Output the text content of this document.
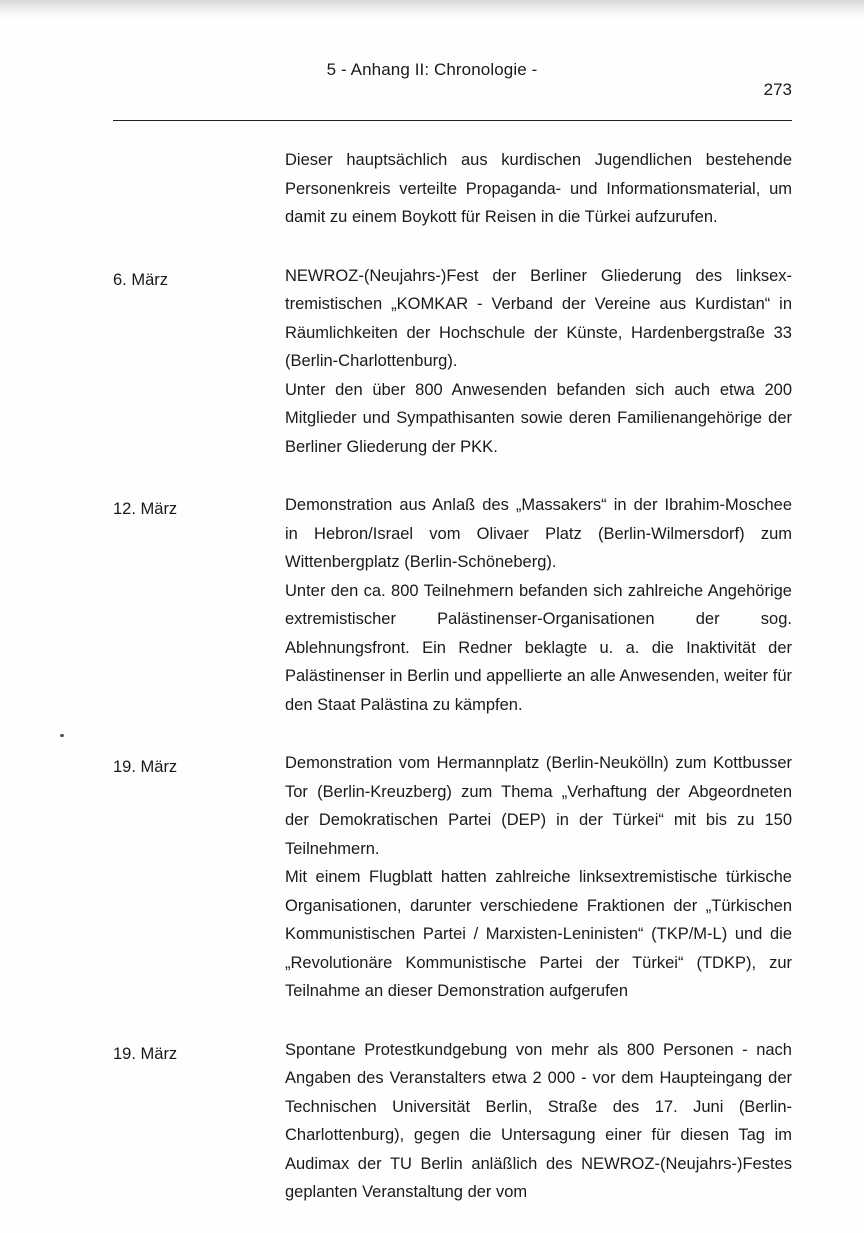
5 - Anhang II: Chronologie -
273

Dieser hauptsächlich aus kurdischen Jugendlichen bestehende Personenkreis verteilte Propaganda- und Informationsmaterial, um damit zu einem Boykott für Reisen in die Türkei aufzurufen.

6. März	NEWROZ-(Neujahrs-)Fest der Berliner Gliederung des linksextremistischen „KOMKAR - Verband der Vereine aus Kurdistan“ in Räumlichkeiten der Hochschule der Künste, Hardenbergstraße 33 (Berlin-Charlottenburg).

Unter den über 800 Anwesenden befanden sich auch etwa 200 Mitglieder und Sympathisanten sowie deren Familienangehörige der Berliner Gliederung der PKK.

12. März	Demonstration aus Anlaß des „Massakers“ in der Ibrahim-Moschee in Hebron/Israel vom Olivaer Platz (Berlin-Wilmersdorf) zum Wittenbergplatz (Berlin-Schöneberg).

Unter den ca. 800 Teilnehmern befanden sich zahlreiche Angehörige extremistischer Palästinenser-Organisationen der sog. Ablehnungsfront. Ein Redner beklagte u. a. die Inaktivität der Palästinenser in Berlin und appellierte an alle Anwesenden, weiter für den Staat Palästina zu kämpfen.

19. März	Demonstration vom Hermannplatz (Berlin-Neukölln) zum Kottbusser Tor (Berlin-Kreuzberg) zum Thema „Verhaftung der Abgeordneten der Demokratischen Partei (DEP) in der Türkei“ mit bis zu 150 Teilnehmern.

Mit einem Flugblatt hatten zahlreiche linksextremistische türkische Organisationen, darunter verschiedene Fraktionen der „Türkischen Kommunistischen Partei / Marxisten-Leninisten“ (TKP/M-L) und die „Revolutionäre Kommunistische Partei der Türkei“ (TDKP), zur Teilnahme an dieser Demonstration aufgerufen

19. März	Spontane Protestkundgebung von mehr als 800 Personen - nach Angaben des Veranstalters etwa 2 000 - vor dem Haupteingang der Technischen Universität Berlin, Straße des 17. Juni (Berlin-Charlottenburg), gegen die Untersagung einer für diesen Tag im Audimax der TU Berlin anläßlich des NEWROZ-(Neujahrs-)Festes geplanten Veranstaltung der vom
